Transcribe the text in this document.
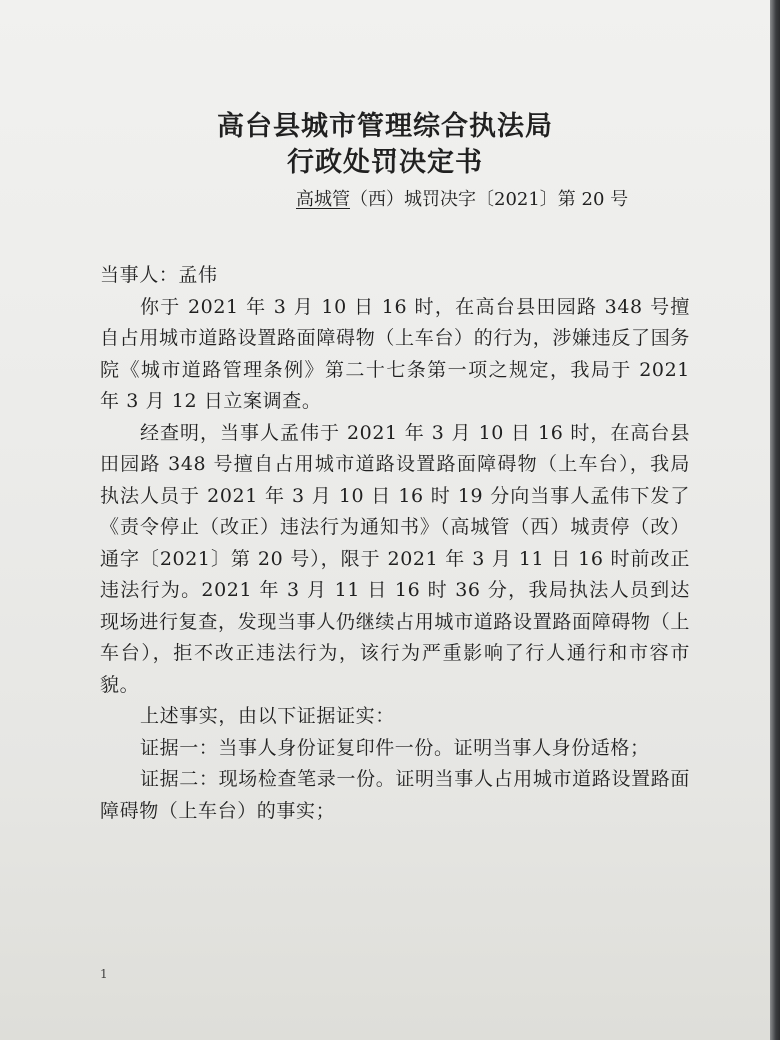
高台县城市管理综合执法局
行政处罚决定书

高城管（西）城罚决字〔2021〕第 20 号

当事人：孟伟

你于 2021 年 3 月 10 日 16 时，在高台县田园路 348 号擅自占用城市道路设置路面障碍物（上车台）的行为，涉嫌违反了国务院《城市道路管理条例》第二十七条第一项之规定，我局于 2021 年 3 月 12 日立案调查。

经查明，当事人孟伟于 2021 年 3 月 10 日 16 时，在高台县田园路 348 号擅自占用城市道路设置路面障碍物（上车台），我局执法人员于 2021 年 3 月 10 日 16 时 19 分向当事人孟伟下发了《责令停止（改正）违法行为通知书》（高城管（西）城责停（改）通字〔2021〕第 20 号），限于 2021 年 3 月 11 日 16 时前改正违法行为。2021 年 3 月 11 日 16 时 36 分，我局执法人员到达现场进行复查，发现当事人仍继续占用城市道路设置路面障碍物（上车台），拒不改正违法行为，该行为严重影响了行人通行和市容市貌。

上述事实，由以下证据证实：

证据一：当事人身份证复印件一份。证明当事人身份适格；

证据二：现场检查笔录一份。证明当事人占用城市道路设置路面障碍物（上车台）的事实；

1
